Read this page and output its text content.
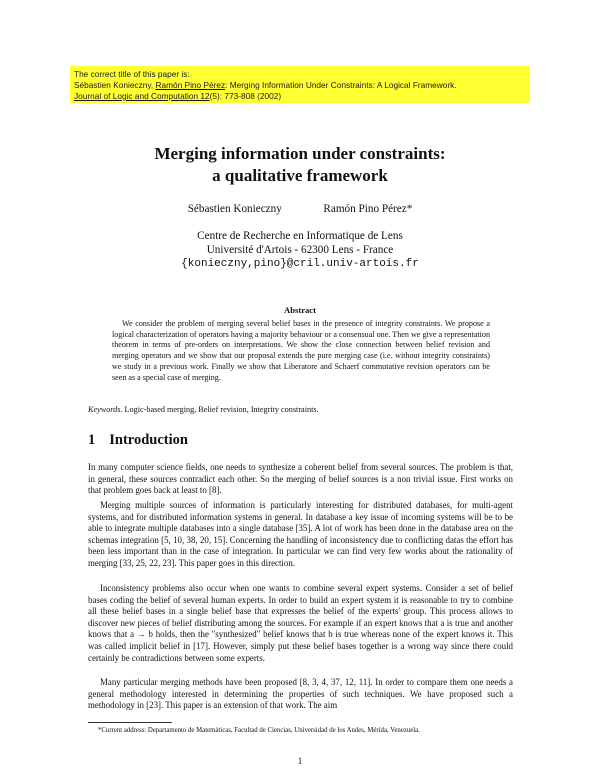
The correct title of this paper is:
Sébastien Konieczny, Ramón Pino Pérez: Merging Information Under Constraints: A Logical Framework.
Journal of Logic and Computation 12(5): 773-808 (2002)
Merging information under constraints:
a qualitative framework
Sébastien Konieczny	Ramón Pino Pérez*
Centre de Recherche en Informatique de Lens
Université d'Artois - 62300 Lens - France
{konieczny,pino}@cril.univ-artois.fr
Abstract
We consider the problem of merging several belief bases in the presence of integrity constraints. We propose a logical characterization of operators having a majority behaviour or a consensual one. Then we give a representation theorem in terms of pre-orders on interpretations. We show the close connection between belief revision and merging operators and we show that our proposal extends the pure merging case (i.e. without integrity constraints) we study in a previous work. Finally we show that Liberatore and Schaerf commutative revision operators can be seen as a special case of merging.
Keywords. Logic-based merging, Belief revision, Integrity constraints.
1 Introduction
In many computer science fields, one needs to synthesize a coherent belief from several sources. The problem is that, in general, these sources contradict each other. So the merging of belief sources is a non trivial issue. First works on that problem goes back at least to [8].
Merging multiple sources of information is particularly interesting for distributed databases, for multi-agent systems, and for distributed information systems in general. In database a key issue of incoming systems will be to be able to integrate multiple databases into a single database [35]. A lot of work has been done in the database area on the schemas integration [5, 10, 38, 20, 15]. Concerning the handling of inconsistency due to conflicting datas the effort has been less important than in the case of integration. In particular we can find very few works about the rationality of merging [33, 25, 22, 23]. This paper goes in this direction.
Inconsistency problems also occur when one wants to combine several expert systems. Consider a set of belief bases coding the belief of several human experts. In order to build an expert system it is reasonable to try to combine all these belief bases in a single belief base that expresses the belief of the experts' group. This process allows to discover new pieces of belief distributing among the sources. For example if an expert knows that a is true and another knows that a → b holds, then the "synthesized" belief knows that b is true whereas none of the expert knows it. This was called implicit belief in [17]. However, simply put these belief bases together is a wrong way since there could certainly be contradictions between some experts.
Many particular merging methods have been proposed [8, 3, 4, 37, 12, 11]. In order to compare them one needs a general methodology interested in determining the properties of such techniques. We have proposed such a methodology in [23]. This paper is an extension of that work. The aim
*Current address: Departamento de Matemáticas, Facultad de Ciencias, Universidad de los Andes, Mérida, Venezuela.
1
